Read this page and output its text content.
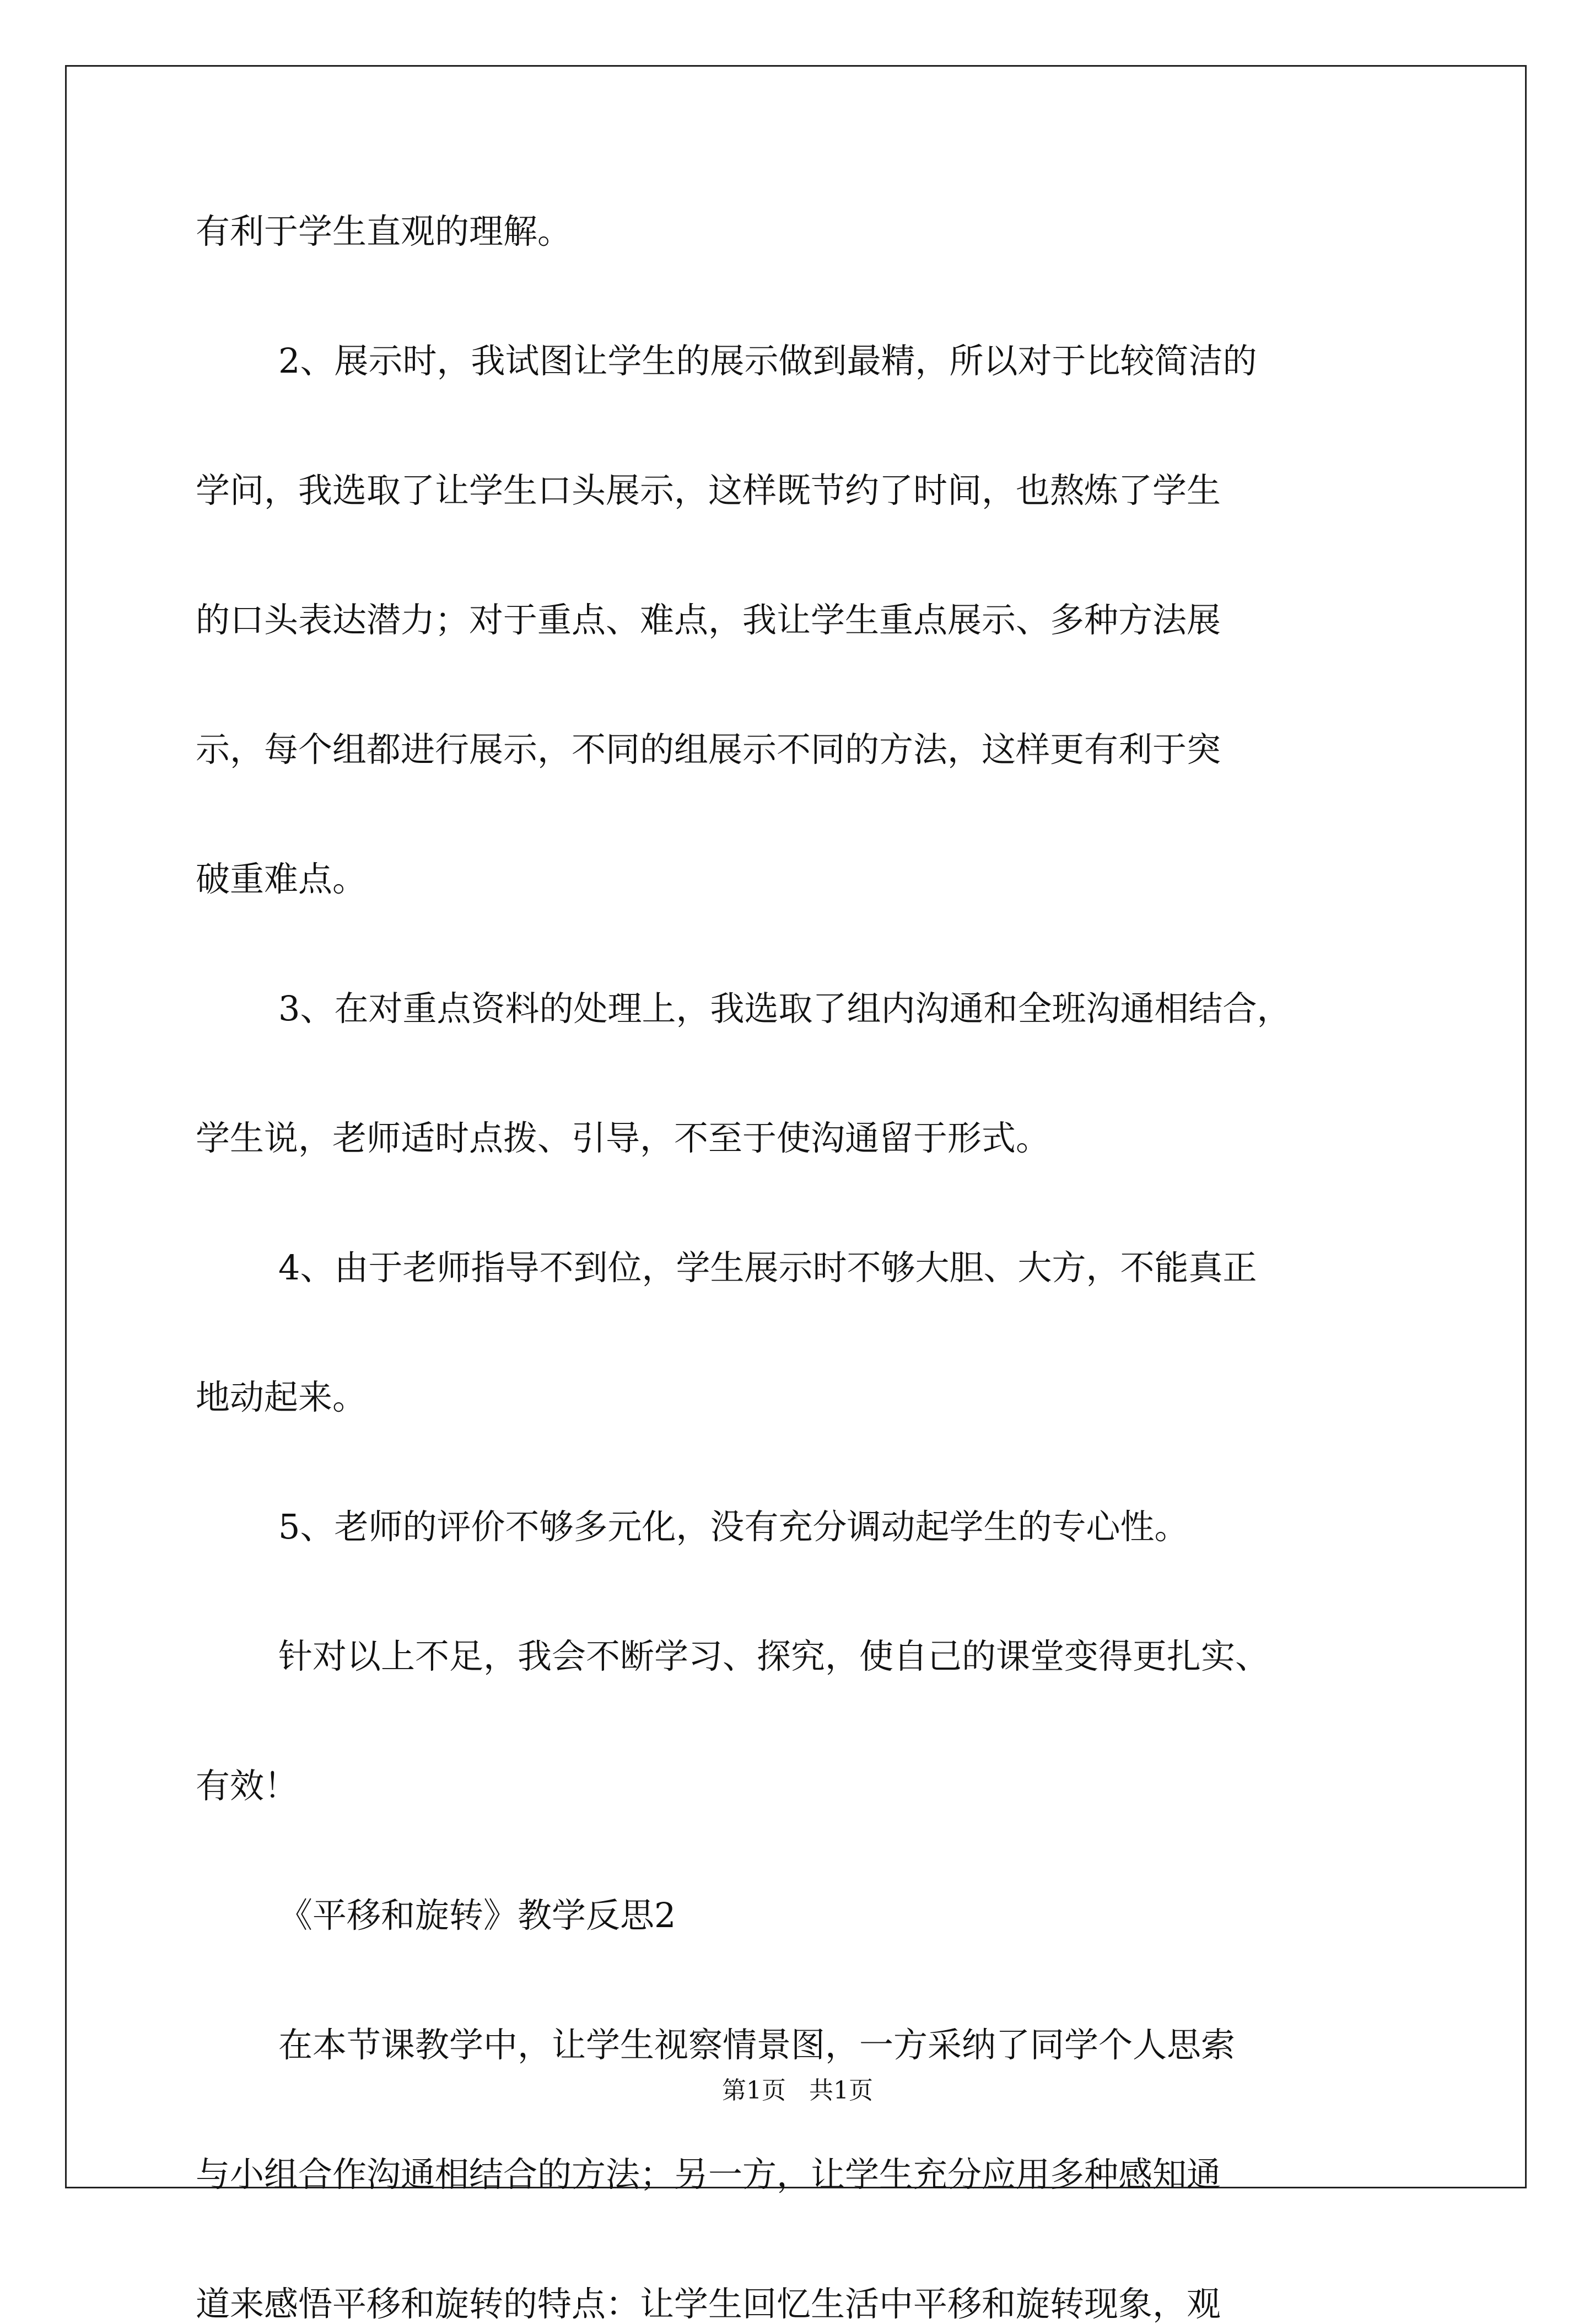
有利于学生直观的理解。
2、展示时，我试图让学生的展示做到最精，所以对于比较简洁的
学问，我选取了让学生口头展示，这样既节约了时间，也熬炼了学生
的口头表达潜力；对于重点、难点，我让学生重点展示、多种方法展
示，每个组都进行展示，不同的组展示不同的方法，这样更有利于突
破重难点。
3、在对重点资料的处理上，我选取了组内沟通和全班沟通相结合，
学生说，老师适时点拨、引导，不至于使沟通留于形式。
4、由于老师指导不到位，学生展示时不够大胆、大方，不能真正
地动起来。
5、老师的评价不够多元化，没有充分调动起学生的专心性。
针对以上不足，我会不断学习、探究，使自己的课堂变得更扎实、
有效！
《平移和旋转》教学反思2
在本节课教学中，让学生视察情景图，一方采纳了同学个人思索
与小组合作沟通相结合的方法；另一方，让学生充分应用多种感知通
道来感悟平移和旋转的特点：让学生回忆生活中平移和旋转现象，观
第1页   共1页
